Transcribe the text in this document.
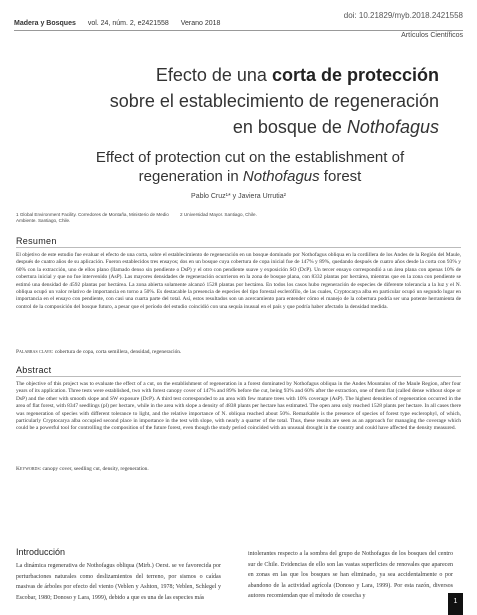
doi: 10.21829/myb.2018.2421558
Madera y Bosques vol. 24, núm. 2, e2421558 Verano 2018
Artículos Científicos
Efecto de una corta de protección
sobre el establecimiento de regeneración
en bosque de Nothofagus
Effect of protection cut on the establishment of
regeneration in Nothofagus forest
Pablo Cruz¹* y Javiera Urrutia²
1 Global Environment Facility. Corredores de Montaña, Ministerio de Medio Ambiente. Santiago, Chile.
2 Universidad Mayor. Santiago, Chile.
Resumen
El objetivo de este estudio fue evaluar el efecto de una corta, sobre el establecimiento de regeneración en un bosque dominado por Nothofagus obliqua en la cordillera de los Andes de la Región del Maule, después de cuatro años de su aplicación. Fueron establecidos tres ensayos; dos en un bosque cuya cobertura de copa inicial fue de 147% y 89%, quedando después de cuatro años desde la corta con 93% y 60% con la extracción, uno de ellos plano (llamado denso sin pendiente o DsP) y el otro con pendiente suave y exposición SO (DcP). Un tercer ensayo correspondió a un área plana con apenas 10% de cobertura inicial y que no fue intervenido (AsP). Las mayores densidades de regeneración ocurrieron en la zona de bosque plana, con 8332 plantas por hectárea, mientras que en la zona con pendiente se estimó una densidad de 4592 plantas por hectárea. La zona abierta solamente alcanzó 1528 plantas por hectárea. En todos los casos hubo regeneración de especies de diferente tolerancia a la luz y el N. obliqua ocupó un valor relativo de importancia en torno a 50%. Es destacable la presencia de especies del tipo forestal esclerófilo, de las cuales, Cryptocarya alba en particular ocupó un segundo lugar en importancia en el ensayo con pendiente, con casi una cuarta parte del total. Así, estos resultados son un acercamiento para entender cómo el manejo de la cobertura podría ser una potente herramienta de control de la composición del bosque futuro, a pesar que el período del estudio coincidió con una sequía inusual en el país y que podría haber afectado la densidad medida.
Palabras clave: cobertura de copa, corta semillera, densidad, regeneración.
Abstract
The objective of this project was to evaluate the effect of a cut, on the establishment of regeneration in a forest dominated by Nothofagus obliqua in the Andes Mountains of the Maule Region, after four years of its application. Three tests were established, two with forest canopy cover of 147% and 89% before the cut, being 93% and 60% after the extraction, one of them flat (called dense without slope or DsP) and the other with smooth slope and SW exposure (DcP). A third test corresponded to an area with few mature trees with 10% coverage (AsP). The highest densities of regeneration occurred in the area of flat forest, with 8347 seedlings (pl) per hectare, while in the area with slope a density of 4838 plants per hectare has estimated. The open area only reached 1528 plants per hectare. In all cases there was regeneration of species with different tolerance to light, and the relative importance of N. obliqua reached about 50%. Remarkable is the presence of species of forest type esclerophyl, of which, particularly Cryptocarya alba occupied second place in importance in the test with slope, with nearly a quarter of the total. Thus, these results are seen as an approach for managing the coverage which could be a powerful tool for controlling the composition of the future forest, even though the study period coincided with an unusual drought in the country and could have affected the density measured.
Keywords: canopy cover, seedling cut, density, regeneration.
Introducción
La dinámica regenerativa de Nothofagus obliqua (Mirb.) Oerst. se ve favorecida por perturbaciones naturales como deslizamientos del terreno, por sismos o caídas masivas de árboles por efecto del viento (Veblen y Ashton, 1978; Veblen, Schlegel y Escobar, 1980; Donoso y Lara, 1999), debido a que es una de las especies más
intolerantes respecto a la sombra del grupo de Nothofagus de los bosques del centro sur de Chile. Evidencias de ello son las vastas superficies de renovales que aparecen en zonas en las que los bosques se han eliminado, ya sea accidentalmente o por abandono de la actividad agrícola (Donoso y Lara, 1999). Por esta razón, diversos autores recomiendan que el método de cosecha y
1
